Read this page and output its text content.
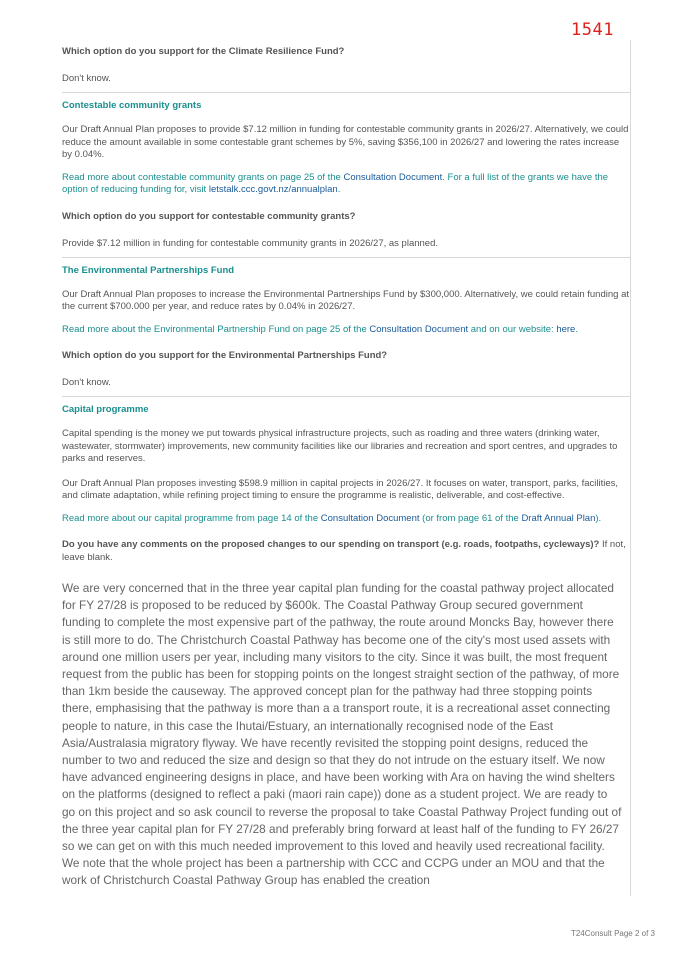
1541
Which option do you support for the Climate Resilience Fund?
Don't know.
Contestable community grants
Our Draft Annual Plan proposes to provide $7.12 million in funding for contestable community grants in 2026/27. Alternatively, we could reduce the amount available in some contestable grant schemes by 5%, saving $356,100 in 2026/27 and lowering the rates increase by 0.04%.
Read more about contestable community grants on page 25 of the Consultation Document. For a full list of the grants we have the option of reducing funding for, visit letstalk.ccc.govt.nz/annualplan.
Which option do you support for contestable community grants?
Provide $7.12 million in funding for contestable community grants in 2026/27, as planned.
The Environmental Partnerships Fund
Our Draft Annual Plan proposes to increase the Environmental Partnerships Fund by $300,000. Alternatively, we could retain funding at the current $700.000 per year, and reduce rates by 0.04% in 2026/27.
Read more about the Environmental Partnership Fund on page 25 of the Consultation Document and on our website: here.
Which option do you support for the Environmental Partnerships Fund?
Don't know.
Capital programme
Capital spending is the money we put towards physical infrastructure projects, such as roading and three waters (drinking water, wastewater, stormwater) improvements, new community facilities like our libraries and recreation and sport centres, and upgrades to parks and reserves.
Our Draft Annual Plan proposes investing $598.9 million in capital projects in 2026/27. It focuses on water, transport, parks, facilities, and climate adaptation, while refining project timing to ensure the programme is realistic, deliverable, and cost-effective.
Read more about our capital programme from page 14 of the Consultation Document (or from page 61 of the Draft Annual Plan).
Do you have any comments on the proposed changes to our spending on transport (e.g. roads, footpaths, cycleways)? If not, leave blank.
We are very concerned that in the three year capital plan funding for the coastal pathway project allocated for FY 27/28 is proposed to be reduced by $600k. The Coastal Pathway Group secured government funding to complete the most expensive part of the pathway, the route around Moncks Bay, however there is still more to do. The Christchurch Coastal Pathway has become one of the city's most used assets with around one million users per year, including many visitors to the city. Since it was built, the most frequent request from the public has been for stopping points on the longest straight section of the pathway, of more than 1km beside the causeway. The approved concept plan for the pathway had three stopping points there, emphasising that the pathway is more than a a transport route, it is a recreational asset connecting people to nature, in this case the Ihutai/Estuary, an internationally recognised node of the East Asia/Australasia migratory flyway. We have recently revisited the stopping point designs, reduced the number to two and reduced the size and design so that they do not intrude on the estuary itself. We now have advanced engineering designs in place, and have been working with Ara on having the wind shelters on the platforms (designed to reflect a paki (maori rain cape)) done as a student project. We are ready to go on this project and so ask council to reverse the proposal to take Coastal Pathway Project funding out of the three year capital plan for FY 27/28 and preferably bring forward at least half of the funding to FY 26/27 so we can get on with this much needed improvement to this loved and heavily used recreational facility. We note that the whole project has been a partnership with CCC and CCPG under an MOU and that the work of Christchurch Coastal Pathway Group has enabled the creation
T24Consult Page 2 of 3
